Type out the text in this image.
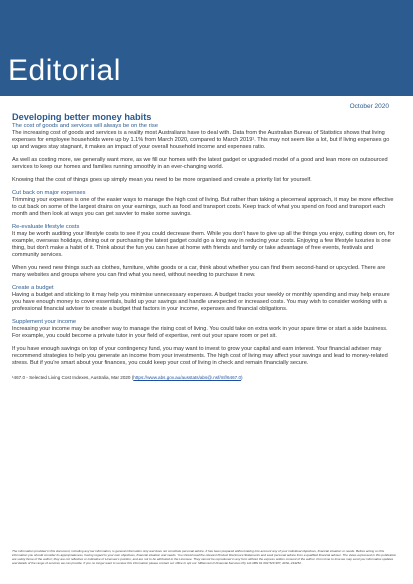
Editorial
October 2020
Developing better money habits
The cost of goods and services will always be on the rise

The increasing cost of goods and services is a reality most Australians have to deal with. Data from the Australian Bureau of Statistics shows that living expenses for employee households were up by 1.1% from March 2020, compared to March 2019¹. This may not seem like a lot, but if living expenses go up and wages stay stagnant, it makes an impact of your overall household income and expenses ratio.

As well as costing more, we generally want more, as we fill our homes with the latest gadget or upgraded model of a good and lean more on outsourced services to keep our homes and families running smoothly in an ever-changing world.

Knowing that the cost of things goes up simply mean you need to be more organised and create a priority list for yourself.

Cut back on major expenses

Trimming your expenses is one of the easier ways to manage the high cost of living. But rather than taking a piecemeal approach, it may be more effective to cut back on some of the largest drains on your earnings, such as food and transport costs. Keep track of what you spend on food and transport each month and then look at ways you can get savvier to make some savings.

Re-evaluate lifestyle costs

It may be worth auditing your lifestyle costs to see if you could decrease them. While you don't have to give up all the things you enjoy, cutting down on, for example, overseas holidays, dining out or purchasing the latest gadget could go a long way in reducing your costs. Enjoying a few lifestyle luxuries is one thing, but don't make a habit of it. Think about the fun you can have at home with friends and family or take advantage of free events, festivals and community services.

When you need new things such as clothes, furniture, white goods or a car, think about whether you can find them second-hand or upcycled. There are many websites and groups where you can find what you need, without needing to purchase it new.

Create a budget

Having a budget and sticking to it may help you minimise unnecessary expenses. A budget tracks your weekly or monthly spending and may help ensure you have enough money to cover essentials, build up your savings and handle unexpected or increased costs. You may wish to consider working with a professional financial adviser to create a budget that factors in your income, expenses and financial obligations.

Supplement your income

Increasing your income may be another way to manage the rising cost of living. You could take on extra work in your spare time or start a side business. For example, you could become a private tutor in your field of expertise, rent out your spare room or pet sit.

If you have enough savings on top of your contingency fund, you may want to invest to grow your capital and earn interest. Your financial adviser may recommend strategies to help you generate an income from your investments. The high cost of living may affect your savings and lead to money-related stress. But if you're smart about your finances, you could keep your cost of living in check and remain financially secure.

¹467.0 - Selected Living Cost Indexes, Australia, Mar 2020 (https://www.abs.gov.au/ausstats/abs@.nsf/mf/6467.0)

The information provided in this document, including any tax information, is general information only and does not constitute personal advice. It has been prepared without taking into account any of your individual objectives, financial situation or needs. Before acting on this information you should consider its appropriateness, having regard to your own objectives, financial situation and needs. You should read the relevant Product Disclosure Statements and seek personal advice from a qualified financial adviser. The views expressed in this publication are solely those of the author; they are not reflective or indicative of Licensee's position, and are not to be attributed to the Licensee. They cannot be reproduced in any form without the express written consent of the author. From time to time we may send you informative updates and details of the range of services we can provide. If you no longer want to receive this information please contact our office to opt out. Millennium3 Financial Services Pty Ltd ABN 61 094 529 987, AFSL 244252.
